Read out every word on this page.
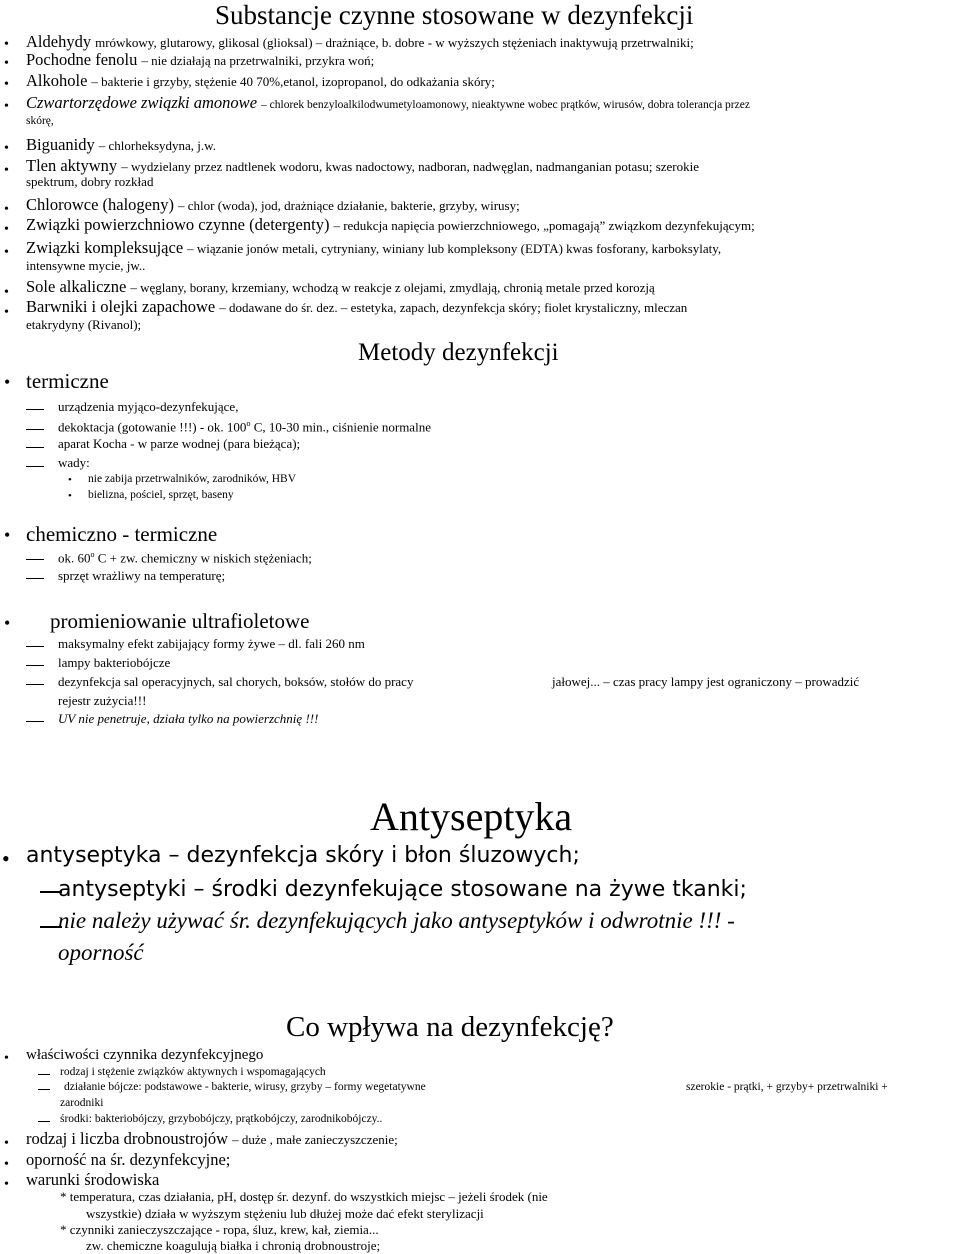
Substancje czynne stosowane w dezynfekcji
• Aldehydy mrówkowy, glutarowy, glikosal (glioksal) – drażniące, b. dobre - w wyższych stężeniach inaktywują przetrwalniki;
• Pochodne fenolu – nie działają na przetrwalniki, przykra woń;
• Alkohole – bakterie i grzyby, stężenie 40 70%,etanol, izopropanol, do odkażania skóry;
• Czwartorzędowe związki amonowe – chlorek benzyloalkilodwumetyloamonowy, nieaktywne wobec prątków, wirusów, dobra tolerancja przez
skórę,
• Biguanidy – chlorheksydyna, j.w.
• Tlen aktywny – wydzielany przez nadtlenek wodoru, kwas nadoctowy, nadboran, nadwęglan, nadmanganian potasu; szerokie
spektrum, dobry rozkład
• Chlorowce (halogeny) – chlor (woda), jod, drażniące działanie, bakterie, grzyby, wirusy;
• Związki powierzchniowo czynne (detergenty) – redukcja napięcia powierzchniowego, „pomagają” związkom dezynfekującym;
• Związki kompleksujące – wiązanie jonów metali, cytryniany, winiany lub kompleksony (EDTA) kwas fosforany, karboksylaty,
intensywne mycie, jw..
• Sole alkaliczne – węglany, borany, krzemiany, wchodzą w reakcje z olejami, zmydlają, chronią metale przed korozją
• Barwniki i olejki zapachowe – dodawane do śr. dez. – estetyka, zapach, dezynfekcja skóry; fiolet krystaliczny, mleczan
etakrydyny (Rivanol);
Metody dezynfekcji
• termiczne
urządzenia myjąco-dezynfekujące,
dekoktacja (gotowanie !!!) - ok. 100$^o$ C, 10-30 min., ciśnienie normalne
aparat Kocha - w parze wodnej (para bieżąca);
wady:
• nie zabija przetrwalników, zarodników, HBV
• bielizna, pościel, sprzęt, baseny
• chemiczno - termiczne
ok. 60$^o$ C + zw. chemiczny w niskich stężeniach;
sprzęt wrażliwy na temperaturę;
• promieniowanie ultrafioletowe
maksymalny efekt zabijający formy żywe – dl. fali 260 nm
lampy bakteriobójcze
dezynfekcja sal operacyjnych, sal chorych, boksów, stołów do pracy	jałowej... – czas pracy lampy jest ograniczony – prowadzić
rejestr zużycia!!!
UV nie penetruje, działa tylko na powierzchnię !!!
Antyseptyka
• antyseptyka – dezynfekcja skóry i błon śluzowych;
antyseptyki – środki dezynfekujące stosowane na żywe tkanki;
nie należy używać śr. dezynfekujących jako antyseptyków i odwrotnie !!! -
oporność
Co wpływa na dezynfekcję?
• właściwości czynnika dezynfekcyjnego
rodzaj i stężenie związków aktywnych i wspomagających
działanie bójcze: podstawowe - bakterie, wirusy, grzyby – formy wegetatywne	szerokie - prątki, + grzyby+ przetrwalniki +
zarodniki
środki: bakteriobójczy, grzybobójczy, prątkobójczy, zarodnikobójczy..
• rodzaj i liczba drobnoustrojów – duże , małe zanieczyszczenie;
• oporność na śr. dezynfekcyjne;
• warunki środowiska
* temperatura, czas działania, pH, dostęp śr. dezynf. do wszystkich miejsc – jeżeli środek (nie
wszystkie) działa w wyższym stężeniu lub dłużej może dać efekt sterylizacji
* czynniki zanieczyszczające - ropa, śluz, krew, kał, ziemia...
zw. chemiczne koagulują białka i chronią drobnoustroje;
